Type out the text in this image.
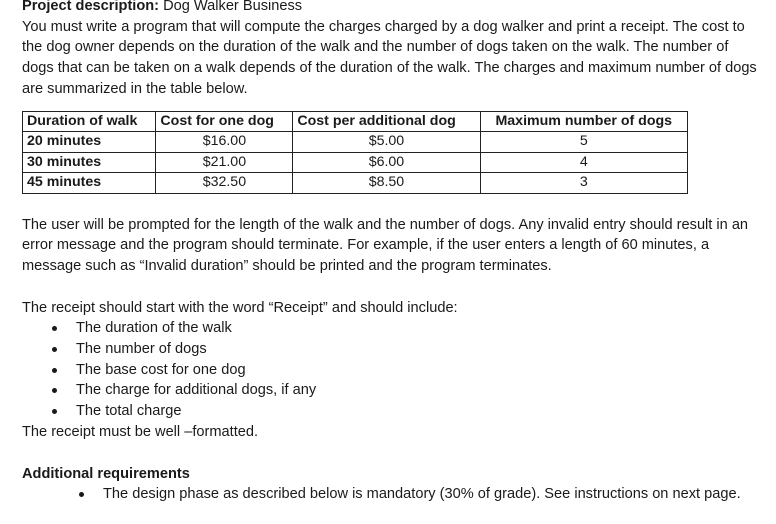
Project description: Dog Walker Business

You must write a program that will compute the charges charged by a dog walker and print a receipt. The cost to the dog owner depends on the duration of the walk and the number of dogs taken on the walk. The number of dogs that can be taken on a walk depends of the duration of the walk. The charges and maximum number of dogs are summarized in the table below.

Duration of walk	Cost for one dog	Cost per additional dog	Maximum number of dogs
20 minutes	$16.00	$5.00	5
30 minutes	$21.00	$6.00	4
45 minutes	$32.50	$8.50	3

The user will be prompted for the length of the walk and the number of dogs. Any invalid entry should result in an error message and the program should terminate. For example, if the user enters a length of 60 minutes, a message such as “Invalid duration” should be printed and the program terminates.

The receipt should start with the word “Receipt” and should include:

The duration of the walk
The number of dogs
The base cost for one dog
The charge for additional dogs, if any
The total charge

The receipt must be well –formatted.

Additional requirements

The design phase as described below is mandatory (30% of grade). See instructions on next page.
